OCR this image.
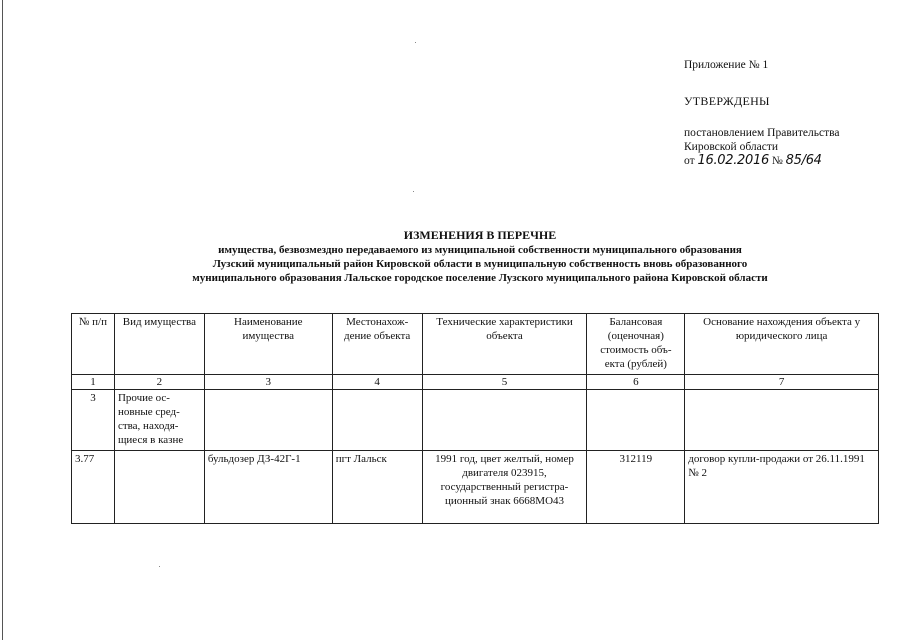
Приложение № 1
УТВЕРЖДЕНЫ
постановлением Правительства
Кировской области
от 16.02.2016 № 85/64
ИЗМЕНЕНИЯ В ПЕРЕЧНЕ
имущества, безвозмездно передаваемого из муниципальной собственности муниципального образования
Лузский муниципальный район Кировской области в муниципальную собственность вновь образованного
муниципального образования Лальское городское поселение Лузского муниципального района Кировской области
№ п/п	Вид имущества	Наименование имущества	Местонахож-дение объекта	Технические характеристики объекта	Балансовая (оценочная) стоимость объ-екта (рублей)	Основание нахождения объекта у юридического лица
1	2	3	4	5	6	7
3	Прочие ос-новные сред-ства, находя-щиеся в казне					
3.77		бульдозер ДЗ-42Г-1	пгт Лальск	1991 год, цвет желтый, номер двигателя 023915, государственный регистра-ционный знак 6668МО43	312119	договор купли-продажи от 26.11.1991 № 2
